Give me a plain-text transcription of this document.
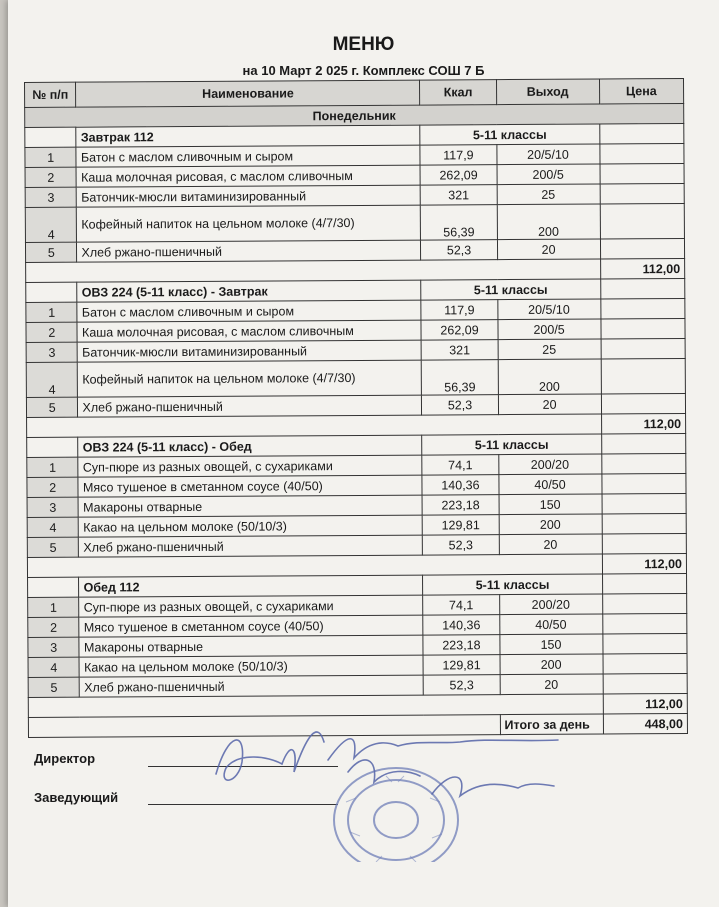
МЕНЮ
на 10 Март 2 025 г. Комплекс СОШ 7 Б
№ п/п	Наименование	Ккал	Выход	Цена
Понедельник				
	Завтрак 112	5-11 классы		
1	Батон с маслом сливочным и сыром	117,9	20/5/10	
2	Каша молочная рисовая, с маслом сливочным	262,09	200/5	
3	Батончик-мюсли витаминизированный	321	25	
4	Кофейный напиток на цельном молоке (4/7/30)	56,39	200	
5	Хлеб ржано-пшеничный	52,3	20	
				112,00
	ОВЗ 224 (5-11 класс) - Завтрак	5-11 классы		
1	Батон с маслом сливочным и сыром	117,9	20/5/10	
2	Каша молочная рисовая, с маслом сливочным	262,09	200/5	
3	Батончик-мюсли витаминизированный	321	25	
4	Кофейный напиток на цельном молоке (4/7/30)	56,39	200	
5	Хлеб ржано-пшеничный	52,3	20	
				112,00
	ОВЗ 224 (5-11 класс) - Обед	5-11 классы		
1	Суп-пюре из разных овощей, с сухариками	74,1	200/20	
2	Мясо тушеное в сметанном соусе (40/50)	140,36	40/50	
3	Макароны отварные	223,18	150	
4	Какао на цельном молоке (50/10/3)	129,81	200	
5	Хлеб ржано-пшеничный	52,3	20	
				112,00
	Обед 112	5-11 классы		
1	Суп-пюре из разных овощей, с сухариками	74,1	200/20	
2	Мясо тушеное в сметанном соусе (40/50)	140,36	40/50	
3	Макароны отварные	223,18	150	
4	Какао на цельном молоке (50/10/3)	129,81	200	
5	Хлеб ржано-пшеничный	52,3	20	
				112,00
			Итого за день	448,00
Директор
Заведующий
